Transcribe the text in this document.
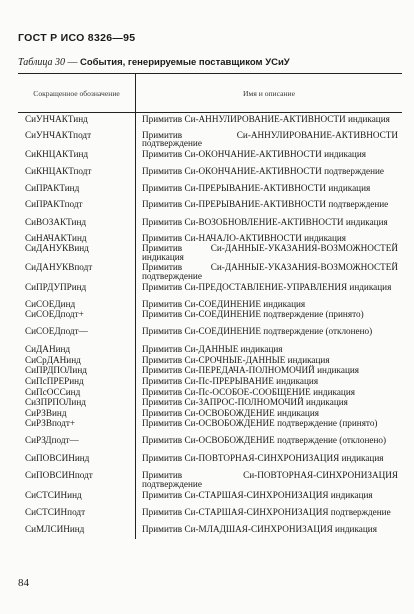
ГОСТ Р ИСО 8326—95
Таблица 30 — События, генерируемые поставщиком УСиУ
Сокращенное обозначение	Имя и описание
СиУНЧАКТинд	Примитив Си-АННУЛИРОВАНИЕ-АКТИВНОСТИ индикация
СиУНЧАКТподт	Примитив Си-АННУЛИРОВАНИЕ-АКТИВНОСТИ подтверждение
СиКНЦАКТинд	Примитив Си-ОКОНЧАНИЕ-АКТИВНОСТИ индикация
СиКНЦАКТподт	Примитив Си-ОКОНЧАНИЕ-АКТИВНОСТИ подтверждение
СиПРАКТинд	Примитив Си-ПРЕРЫВАНИЕ-АКТИВНОСТИ индикация
СиПРАКТподт	Примитив Си-ПРЕРЫВАНИЕ-АКТИВНОСТИ подтверждение
СиВОЗАКТинд	Примитив Си-ВОЗОБНОВЛЕНИЕ-АКТИВНОСТИ индикация
СиНАЧАКТинд	Примитив Си-НАЧАЛО-АКТИВНОСТИ индикация
СиДАНУКВинд	Примитив Си-ДАННЫЕ-УКАЗАНИЯ-ВОЗМОЖНОСТЕЙ индикация
СиДАНУКВподт	Примитив Си-ДАННЫЕ-УКАЗАНИЯ-ВОЗМОЖНОСТЕЙ подтверждение
СиПРДУПРинд	Примитив Си-ПРЕДОСТАВЛЕНИЕ-УПРАВЛЕНИЯ индикация
СиСОЕДинд	Примитив Си-СОЕДИНЕНИЕ индикация
СиСОЕДподт+	Примитив Си-СОЕДИНЕНИЕ подтверждение (принято)
СиСОЕДподт—	Примитив Си-СОЕДИНЕНИЕ подтверждение (отклонено)
СиДАНинд	Примитив Си-ДАННЫЕ индикация
СиСрДАНинд	Примитив Си-СРОЧНЫЕ-ДАННЫЕ индикация
СиПРДПОЛинд	Примитив Си-ПЕРЕДАЧА-ПОЛНОМОЧИЙ индикация
СиПсПРЕРинд	Примитив Си-Пс-ПРЕРЫВАНИЕ индикация
СиПсОССинд	Примитив Си-Пс-ОСОБОЕ-СООБЩЕНИЕ индикация
СиЗПРПОЛинд	Примитив Си-ЗАПРОС-ПОЛНОМОЧИЙ индикация
СиРЗВинд	Примитив Си-ОСВОБОЖДЕНИЕ индикация
СиРЗВподт+	Примитив Си-ОСВОБОЖДЕНИЕ подтверждение (принято)
СиРЗДподт—	Примитив Си-ОСВОБОЖДЕНИЕ подтверждение (отклонено)
СиПОВСИНинд	Примитив Си-ПОВТОРНАЯ-СИНХРОНИЗАЦИЯ индикация
СиПОВСИНподт	Примитив Си-ПОВТОРНАЯ-СИНХРОНИЗАЦИЯ подтверждение
СиСТСИНинд	Примитив Си-СТАРШАЯ-СИНХРОНИЗАЦИЯ индикация
СиСТСИНподт	Примитив Си-СТАРШАЯ-СИНХРОНИЗАЦИЯ подтверждение
СиМЛСИНинд	Примитив Си-МЛАДШАЯ-СИНХРОНИЗАЦИЯ индикация
84
